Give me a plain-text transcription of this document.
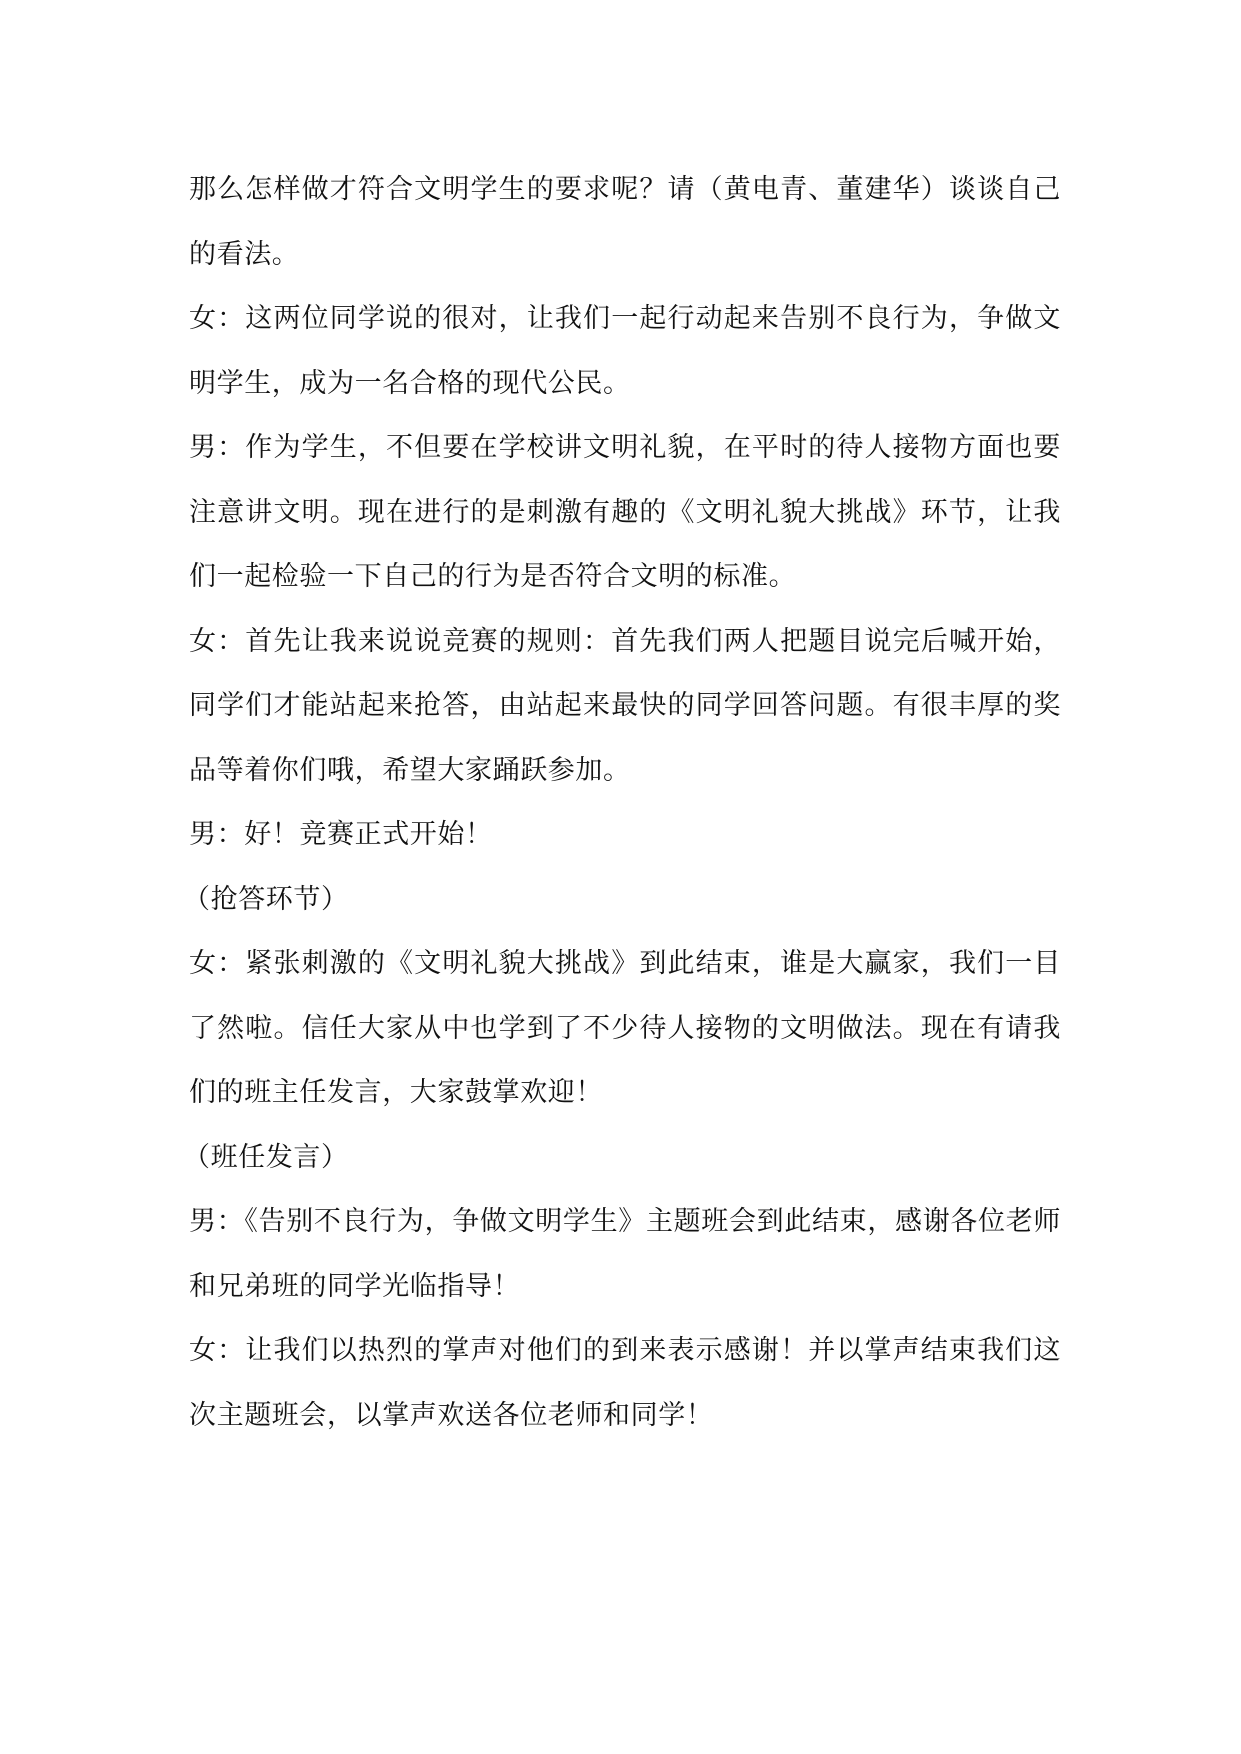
那么怎样做才符合文明学生的要求呢？请（黄电青、董建华）谈谈自己的看法。

女：这两位同学说的很对，让我们一起行动起来告别不良行为，争做文明学生，成为一名合格的现代公民。

男：作为学生，不但要在学校讲文明礼貌，在平时的待人接物方面也要注意讲文明。现在进行的是刺激有趣的《文明礼貌大挑战》环节，让我们一起检验一下自己的行为是否符合文明的标准。

女：首先让我来说说竞赛的规则：首先我们两人把题目说完后喊开始，同学们才能站起来抢答，由站起来最快的同学回答问题。有很丰厚的奖品等着你们哦，希望大家踊跃参加。

男：好！竞赛正式开始！

（抢答环节）

女：紧张刺激的《文明礼貌大挑战》到此结束，谁是大赢家，我们一目了然啦。信任大家从中也学到了不少待人接物的文明做法。现在有请我们的班主任发言，大家鼓掌欢迎！

（班任发言）

男：《告别不良行为，争做文明学生》主题班会到此结束，感谢各位老师和兄弟班的同学光临指导！

女：让我们以热烈的掌声对他们的到来表示感谢！并以掌声结束我们这次主题班会，以掌声欢送各位老师和同学！
